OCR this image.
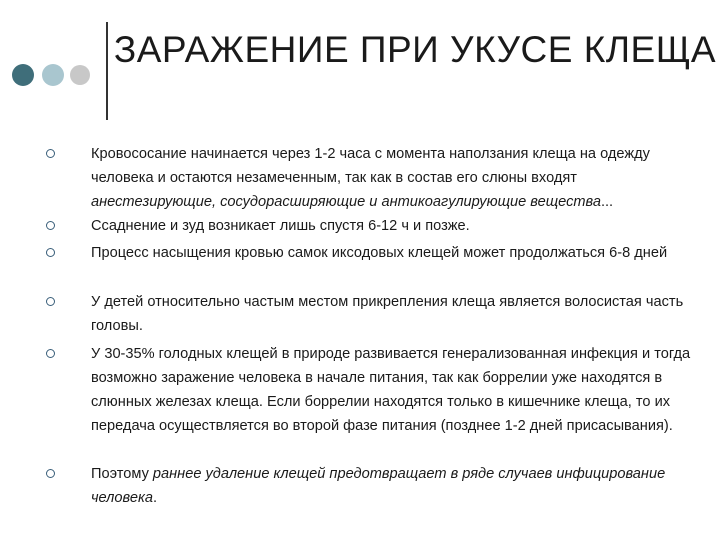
ЗАРАЖЕНИЕ ПРИ УКУСЕ КЛЕЩА

Кровососание начинается через 1-2 часа с момента наползания клеща на одежду человека и остаются незамеченным, так как в состав его слюны входят анестезирующие, сосудорасширяющие и антикоагулирующие вещества...

Ссаднение и зуд возникает лишь спустя 6-12 ч и позже.

Процесс насыщения кровью самок иксодовых клещей может продолжаться 6-8 дней

У детей относительно частым местом прикрепления клеща является волосистая часть головы.

У 30-35% голодных клещей в природе развивается генерализованная инфекция и тогда возможно заражение человека в начале питания, так как боррелии уже находятся в слюнных железах клеща. Если боррелии находятся только в кишечнике клеща, то их передача осуществляется во второй фазе питания (позднее 1-2 дней присасывания).

Поэтому раннее удаление клещей предотвращает в ряде случаев инфицирование человека.
